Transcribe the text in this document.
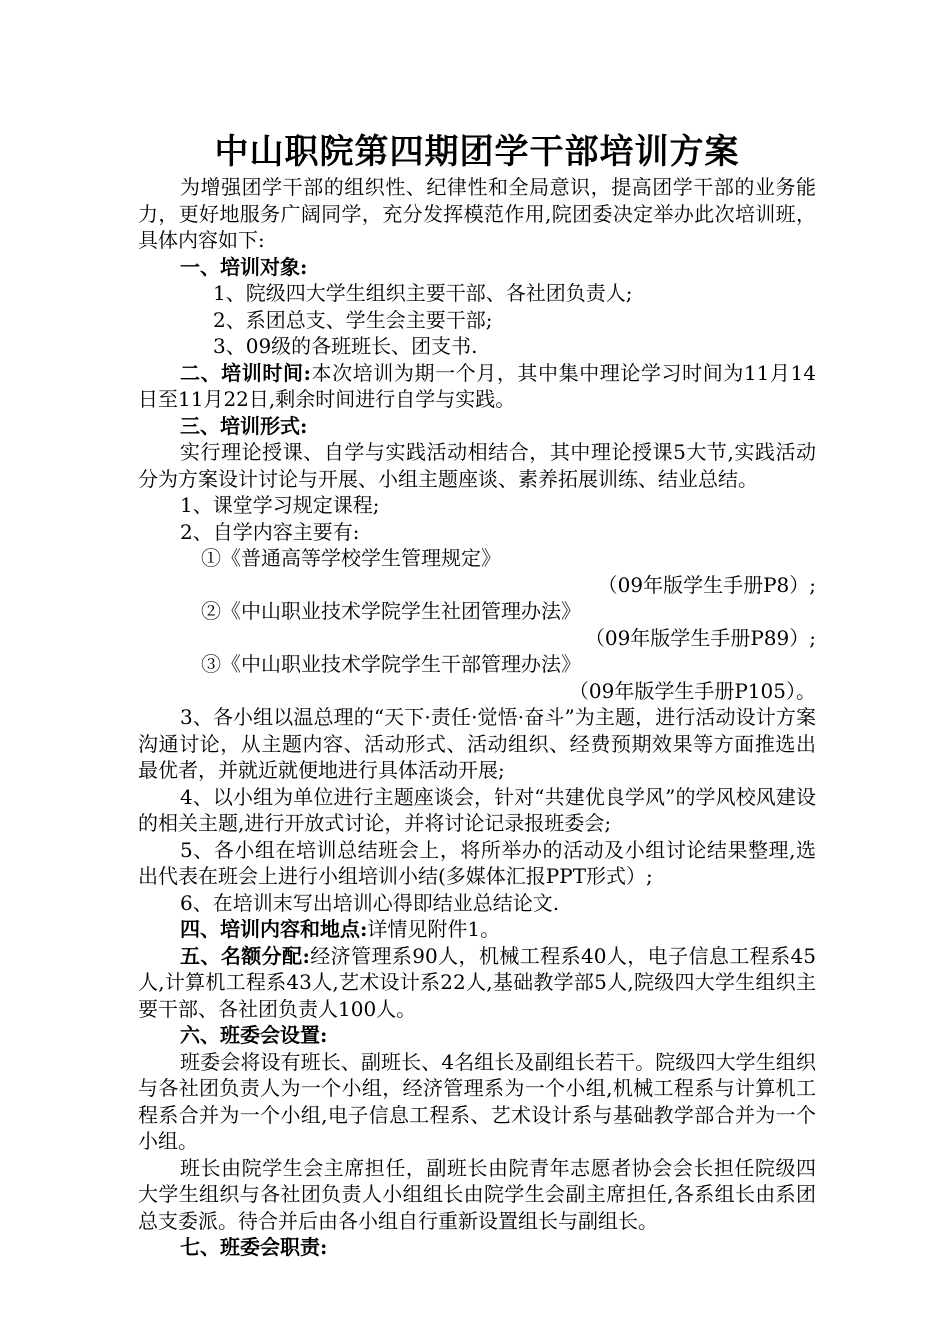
中山职院第四期团学干部培训方案

为增强团学干部的组织性、纪律性和全局意识，提高团学干部的业务能力，更好地服务广阔同学，充分发挥模范作用,院团委决定举办此次培训班，具体内容如下:

一、培训对象:

1、院级四大学生组织主要干部、各社团负责人;

2、系团总支、学生会主要干部;

3、09级的各班班长、团支书.

二、培训时间:本次培训为期一个月，其中集中理论学习时间为11月14日至11月22日,剩余时间进行自学与实践。

三、培训形式:

实行理论授课、自学与实践活动相结合，其中理论授课5大节,实践活动分为方案设计讨论与开展、小组主题座谈、素养拓展训练、结业总结。

1、课堂学习规定课程;

2、自学内容主要有:

①《普通高等学校学生管理规定》

（09年版学生手册P8）;

②《中山职业技术学院学生社团管理办法》

（09年版学生手册P89）;

③《中山职业技术学院学生干部管理办法》

（09年版学生手册P105）。

3、各小组以温总理的“天下·责任·觉悟·奋斗”为主题，进行活动设计方案沟通讨论，从主题内容、活动形式、活动组织、经费预期效果等方面推选出最优者，并就近就便地进行具体活动开展;

4、以小组为单位进行主题座谈会，针对“共建优良学风”的学风校风建设的相关主题,进行开放式讨论，并将讨论记录报班委会;

5、各小组在培训总结班会上，将所举办的活动及小组讨论结果整理,选出代表在班会上进行小组培训小结(多媒体汇报PPT形式）;

6、在培训末写出培训心得即结业总结论文.

四、培训内容和地点:详情见附件1。

五、名额分配:经济管理系90人，机械工程系40人，电子信息工程系45人,计算机工程系43人,艺术设计系22人,基础教学部5人,院级四大学生组织主要干部、各社团负责人100人。

六、班委会设置:

班委会将设有班长、副班长、4名组长及副组长若干。院级四大学生组织与各社团负责人为一个小组，经济管理系为一个小组,机械工程系与计算机工程系合并为一个小组,电子信息工程系、艺术设计系与基础教学部合并为一个小组。

班长由院学生会主席担任，副班长由院青年志愿者协会会长担任院级四大学生组织与各社团负责人小组组长由院学生会副主席担任,各系组长由系团总支委派。待合并后由各小组自行重新设置组长与副组长。

七、班委会职责:
